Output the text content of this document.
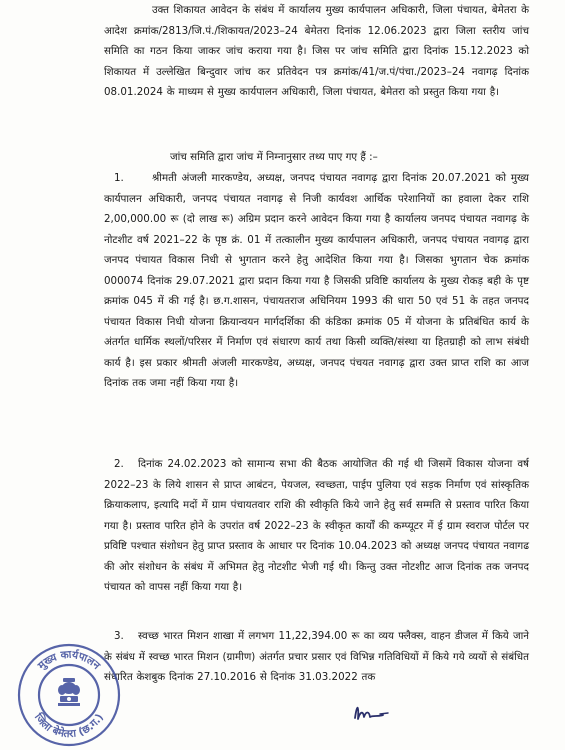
उक्त शिकायत आवेदन के संबंध में कार्यालय मुख्य कार्यपालन अधिकारी, जिला पंचायत, बेमेतरा के आदेश क्रमांक/2813/जि.पं./शिकायत/2023–24 बेमेतरा दिनांक 12.06.2023 द्वारा जिला स्तरीय जांच समिति का गठन किया जाकर जांच कराया गया है। जिस पर जांच समिति द्वारा दिनांक 15.12.2023 को शिकायत में उल्लेखित बिन्दुवार जांच कर प्रतिवेदन पत्र क्रमांक/41/ज.पं/पंचा./2023–24 नवागढ़ दिनांक 08.01.2024 के माध्यम से मुख्य कार्यपालन अधिकारी, जिला पंचायत, बेमेतरा को प्रस्तुत किया गया है।

जांच समिति द्वारा जांच में निम्नानुसार तथ्य पाए गए हैं :–

1.	श्रीमती अंजली मारकण्डेय, अध्यक्ष, जनपद पंचायत नवागढ़ द्वारा दिनांक 20.07.2021 को मुख्य कार्यपालन अधिकारी, जनपद पंचायत नवागढ़ से निजी कार्यवश आर्थिक परेशानियों का हवाला देकर राशि 2,00,000.00 रू (दो लाख रू) अग्रिम प्रदान करने आवेदन किया गया है कार्यालय जनपद पंचायत नवागढ़ के नोटशीट वर्ष 2021–22 के पृष्ठ क्रं. 01 में तत्कालीन मुख्य कार्यपालन अधिकारी, जनपद पंचायत नवागढ़ द्वारा जनपद पंचायत विकास निधी से भुगतान करने हेतु आदेशित किया गया है। जिसका भुगतान चेक क्रमांक 000074 दिनांक 29.07.2021 द्वारा प्रदान किया गया है जिसकी प्रविष्टि कार्यालय के मुख्य रोकड़ बही के पृष्ट क्रमांक 045 में की गई है। छ.ग.शासन, पंचायतराज अधिनियम 1993 की धारा 50 एवं 51 के तहत जनपद पंचायत विकास निधी योजना क्रियान्वयन मार्गदर्शिका की कंडिका क्रमांक 05 में योजना के प्रतिबंधित कार्य के अंतर्गत धार्मिक स्थलों/परिसर में निर्माण एवं संधारण कार्य तथा किसी व्यक्ति/संस्था या हितग्राही को लाभ संबंधी कार्य है। इस प्रकार श्रीमती अंजली मारकण्डेय, अध्यक्ष, जनपद पंचयत नवागढ़ द्वारा उक्त प्राप्त राशि का आज दिनांक तक जमा नहीं किया गया है।

2.	दिनांक 24.02.2023 को सामान्य सभा की बैठक आयोजित की गई थी जिसमें विकास योजना वर्ष 2022–23 के लिये शासन से प्राप्त आबंटन, पेयजल, स्वच्छता, पाईप पुलिया एवं सड़क निर्माण एवं सांस्कृतिक क्रियाकलाप, इत्यादि मदों में ग्राम पंचायतवार राशि की स्वीकृति किये जाने हेतु सर्व सम्मति से प्रस्ताव पारित किया गया है। प्रस्ताव पारित होने के उपरांत वर्ष 2022–23 के स्वीकृत कार्यों की कम्प्यूटर में ई ग्राम स्वराज पोर्टल पर प्रविष्टि पश्चात संशोधन हेतु प्राप्त प्रस्ताव के आधार पर दिनांक 10.04.2023 को अध्यक्ष जनपद पंचायत नवागढ की ओर संशोधन के संबंध में अभिमत हेतु नोटशीट भेजी गई थी। किन्तु उक्त नोटशीट आज दिनांक तक जनपद पंचायत को वापस नहीं किया गया है।

3.	स्वच्छ भारत मिशन शाखा में लगभग 11,22,394.00 रू का व्यय फ्लैक्स, वाहन डीजल में किये जाने के संबंध में स्वच्छ भारत मिशन (ग्रामीण) अंतर्गत प्रचार प्रसार एवं विभिन्न गतिविधियों में किये गये व्ययों से संबंधित संधारित केशबुक दिनांक 27.10.2016 से दिनांक 31.03.2022 तक

मुख्य कार्यपालन
जिला बेमेतरा (छ.ग.)
